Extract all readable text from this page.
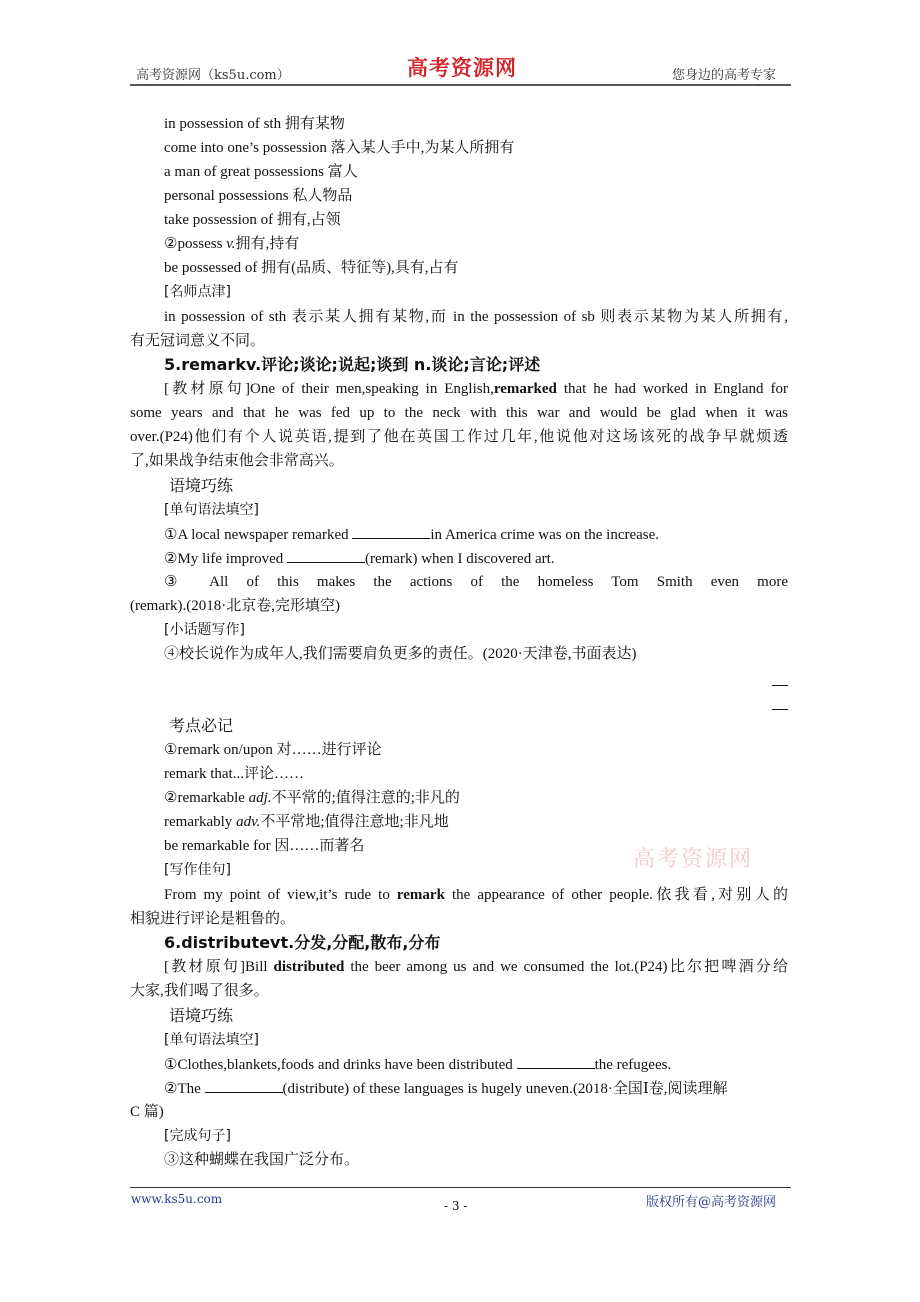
高考资源网（ks5u.com）	高考资源网	您身边的高考专家
in possession of sth 拥有某物
come into one’s possession 落入某人手中,为某人所拥有
a man of great possessions 富人
personal possessions 私人物品
take possession of 拥有,占领
②possess v.拥有,持有
be possessed of 拥有(品质、特征等),具有,占有
[名师点津]
in possession of sth 表示某人拥有某物,而 in the possession of sb 则表示某物为某人所拥有,
有无冠词意义不同。
5.remarkv.评论;谈论;说起;谈到 n.谈论;言论;评述
[教材原句]One of their men,speaking in English,remarked that he had worked in England for
some years and that he was fed up to the neck with this war and would be glad when it was
over.(P24)他们有个人说英语,提到了他在英国工作过几年,他说他对这场该死的战争早就烦透
了,如果战争结束他会非常高兴。
语境巧练
[单句语法填空]
①A local newspaper remarked	in America crime was on the increase.
②My life improved	(remark) when I discovered art.
③ All of this makes the actions of the homeless Tom Smith even more
(remark).(2018·北京卷,完形填空)
[小话题写作]
④校长说作为成年人,我们需要肩负更多的责任。(2020·天津卷,书面表达)
考点必记
①remark on/upon 对……进行评论
remark that...评论……
②remarkable adj.不平常的;值得注意的;非凡的
remarkably adv.不平常地;值得注意地;非凡地
be remarkable for 因……而著名
高考资源网
[写作佳句]
From my point of view,it’s rude to remark the appearance of other people.依我看,对别人的
相貌进行评论是粗鲁的。
6.distributevt.分发,分配,散布,分布
[教材原句]Bill distributed the beer among us and we consumed the lot.(P24)比尔把啤酒分给
大家,我们喝了很多。
语境巧练
[单句语法填空]
①Clothes,blankets,foods and drinks have been distributed	the refugees.
②The	(distribute) of these languages is hugely uneven.(2018·全国Ⅰ卷,阅读理解
C 篇)
[完成句子]
③这种蝴蝶在我国广泛分布。
www.ks5u.com	- 3 -	版权所有@高考资源网
